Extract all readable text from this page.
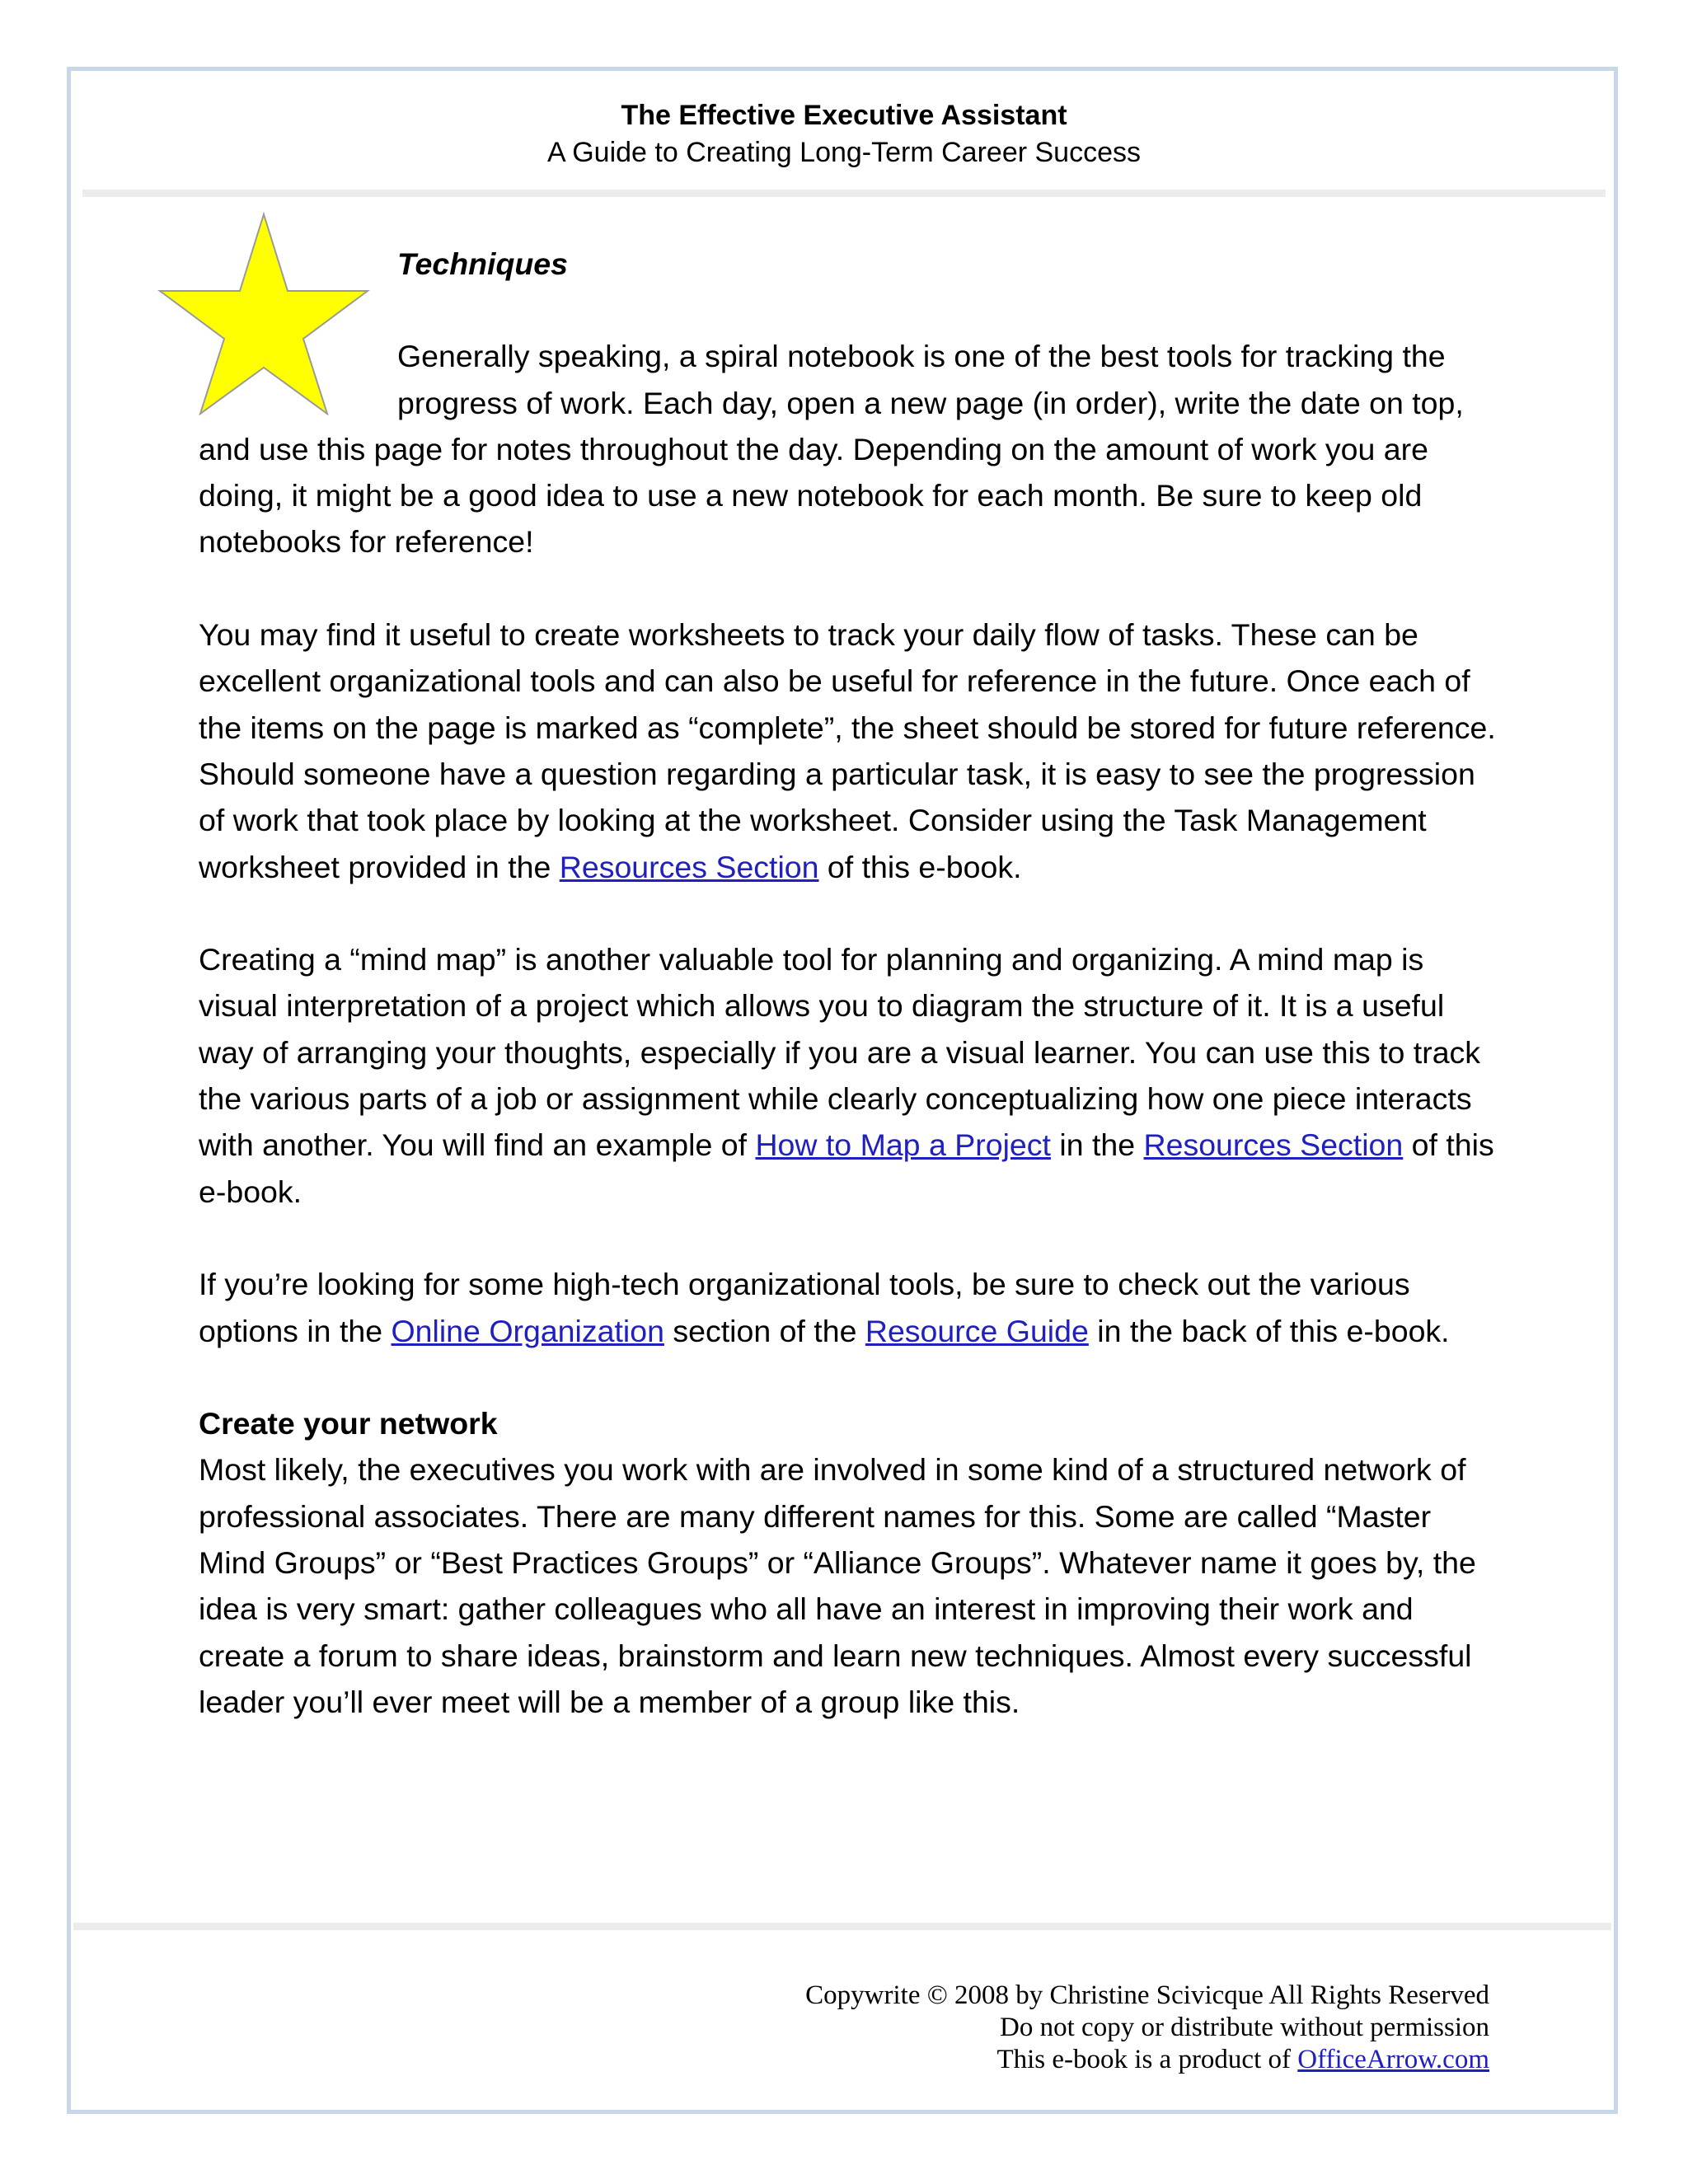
The Effective Executive Assistant
A Guide to Creating Long-Term Career Success
Techniques

Generally speaking, a spiral notebook is one of the best tools for tracking the
progress of work. Each day, open a new page (in order), write the date on top,
and use this page for notes throughout the day. Depending on the amount of work you are doing, it might be a good idea to use a new notebook for each month. Be sure to keep old notebooks for reference!

You may find it useful to create worksheets to track your daily flow of tasks. These can be excellent organizational tools and can also be useful for reference in the future. Once each of the items on the page is marked as “complete”, the sheet should be stored for future reference. Should someone have a question regarding a particular task, it is easy to see the progression of work that took place by looking at the worksheet. Consider using the Task Management worksheet provided in the Resources Section of this e-book.

Creating a “mind map” is another valuable tool for planning and organizing. A mind map is visual interpretation of a project which allows you to diagram the structure of it. It is a useful way of arranging your thoughts, especially if you are a visual learner. You can use this to track the various parts of a job or assignment while clearly conceptualizing how one piece interacts with another. You will find an example of How to Map a Project in the Resources Section of this e-book.

If you’re looking for some high-tech organizational tools, be sure to check out the various options in the Online Organization section of the Resource Guide in the back of this e-book.

Create your network

Most likely, the executives you work with are involved in some kind of a structured network of professional associates. There are many different names for this. Some are called “Master Mind Groups” or “Best Practices Groups” or “Alliance Groups”. Whatever name it goes by, the idea is very smart: gather colleagues who all have an interest in improving their work and create a forum to share ideas, brainstorm and learn new techniques. Almost every successful leader you’ll ever meet will be a member of a group like this.

Copywrite © 2008 by Christine Scivicque All Rights Reserved
Do not copy or distribute without permission
This e-book is a product of OfficeArrow.com
